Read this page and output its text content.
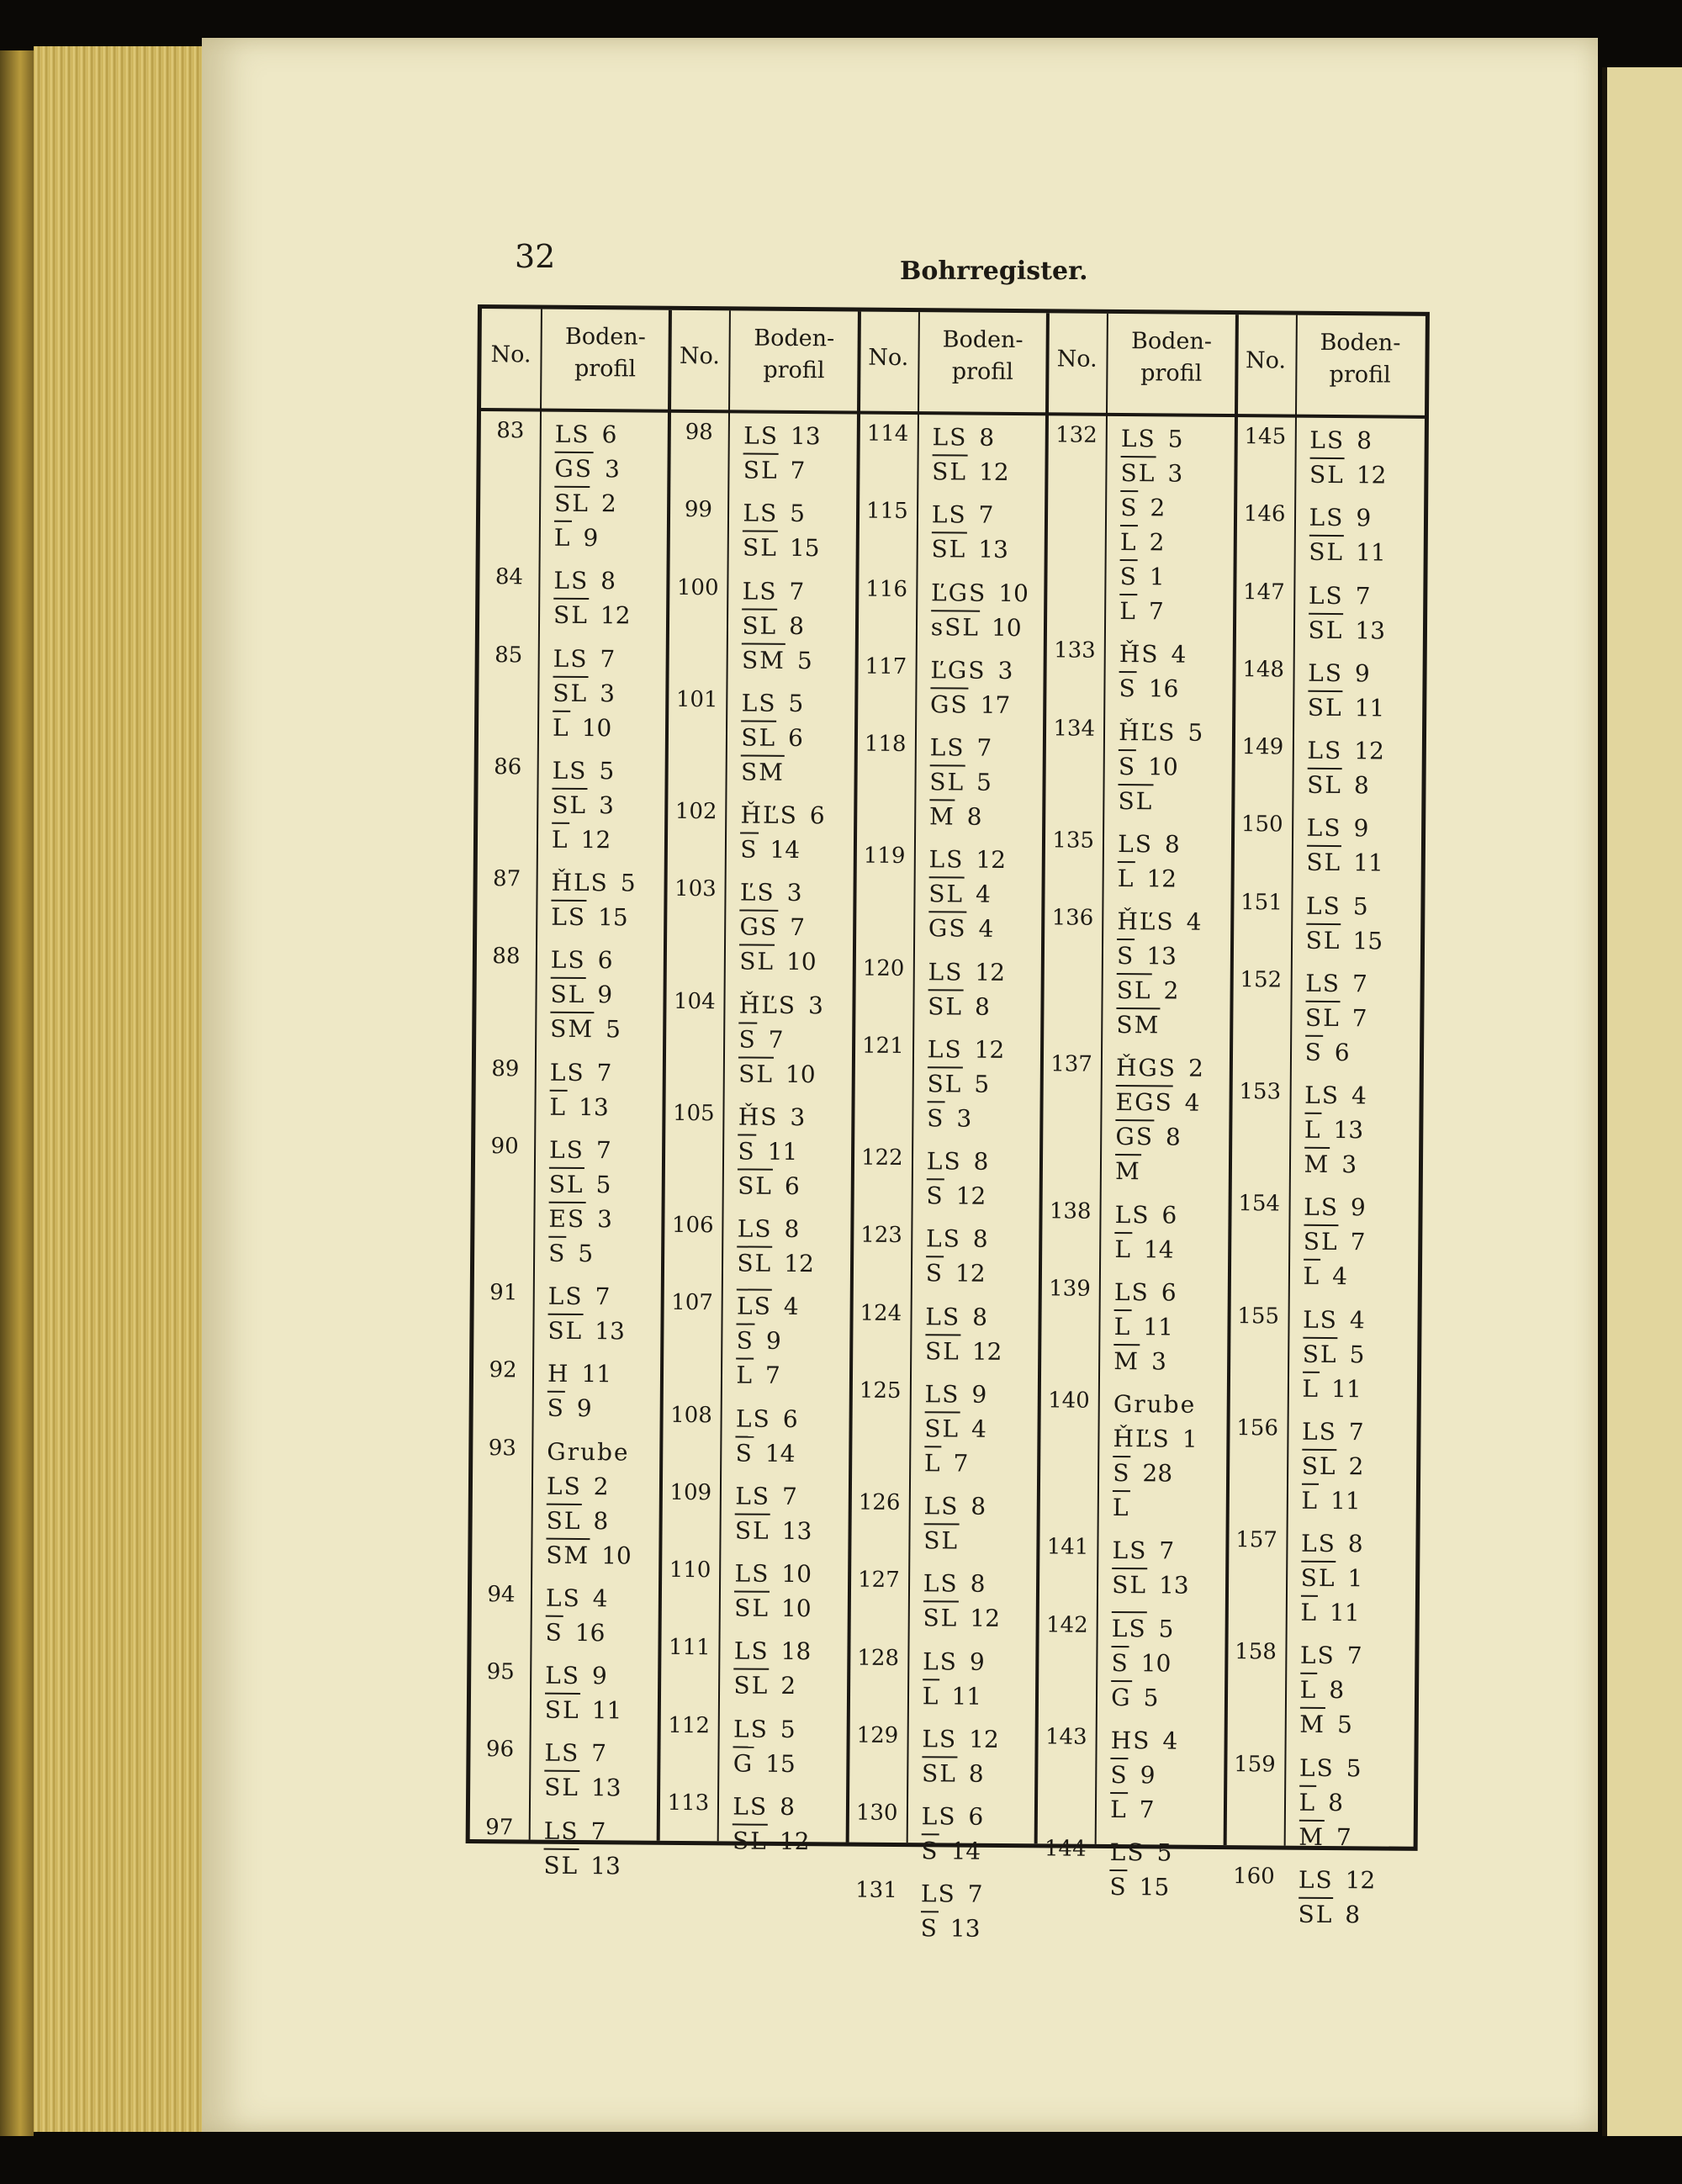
32	Bohrregister.
No.
Boden-
profil
83	LS 6
GS 3
SL 2
L 9
84	LS 8
SL 12
85	LS 7
SL 3
L 10
86	LS 5
SL 3
L 12
87	ȞLS 5
LS 15
88	LS 6
SL 9
SM 5
89	LS 7
L 13
90	LS 7
SL 5
ES 3
S 5
91	LS 7
SL 13
92	H 11
S 9
93	Grube
LS 2
SL 8
SM 10
94	LS 4
S 16
95	LS 9
SL 11
96	LS 7
SL 13
97	LS 7
SL 13
No.
Boden-
profil
98	LS 13
SL 7
99	LS 5
SL 15
100 LS 7
SL 8
SM 5
101 LS 5
SL 6
SM
102 ȞĽS 6
S 14
103 ĽS 3
GS 7
SL 10
104 ȞĽS 3
S 7
SL 10
105 ȞS 3
S 11
SL 6
106 LS 8
SL 12
107 LS 4
S 9
L 7
108 LS 6
S 14
109 LS 7
SL 13
110 LS 10
SL 10
111 LS 18
SL 2
112 LS 5
G 15
113 LS 8
SL 12
No.
Boden-
profil
114 LS 8
SL 12
115 LS 7
SL 13
116 ĽGS 10
sSL 10
117 ĽGS 3
GS 17
118 LS 7
SL 5
M 8
119 LS 12
SL 4
GS 4
120 LS 12
SL 8
121 LS 12
SL 5
S 3
122 LS 8
S 12
123 LS 8
S 12
124 LS 8
SL 12
125 LS 9
SL 4
L 7
126 LS 8
SL
127 LS 8
SL 12
128 LS 9
L 11
129 LS 12
SL 8
130 LS 6
S 14
131 LS 7
S 13
No.
Boden-
profil
132 LS 5
SL 3
S 2
L 2
S 1
L 7
133 ȞS 4
S 16
134 ȞĽS 5
S 10
SL
135 LS 8
L 12
136 ȞĽS 4
S 13
SL 2
SM
137 ȞGS 2
EGS 4
GS 8
M
138 LS 6
L 14
139 LS 6
L 11
M 3
140 Grube
ȞĽS 1
S 28
L
141 LS 7
SL 13
142 LS 5
S 10
G 5
143 HS 4
S 9
L 7
144 LS 5
S 15
No.
Boden-
profil
145 LS 8
SL 12
146 LS 9
SL 11
147 LS 7
SL 13
148 LS 9
SL 11
149 LS 12
SL 8
150 LS 9
SL 11
151 LS 5
SL 15
152 LS 7
SL 7
S 6
153 LS 4
L 13
M 3
154 LS 9
SL 7
L 4
155 LS 4
SL 5
L 11
156 LS 7
SL 2
L 11
157 LS 8
SL 1
L 11
158 LS 7
L 8
M 5
159 LS 5
L 8
M 7
160 LS 12
SL 8
